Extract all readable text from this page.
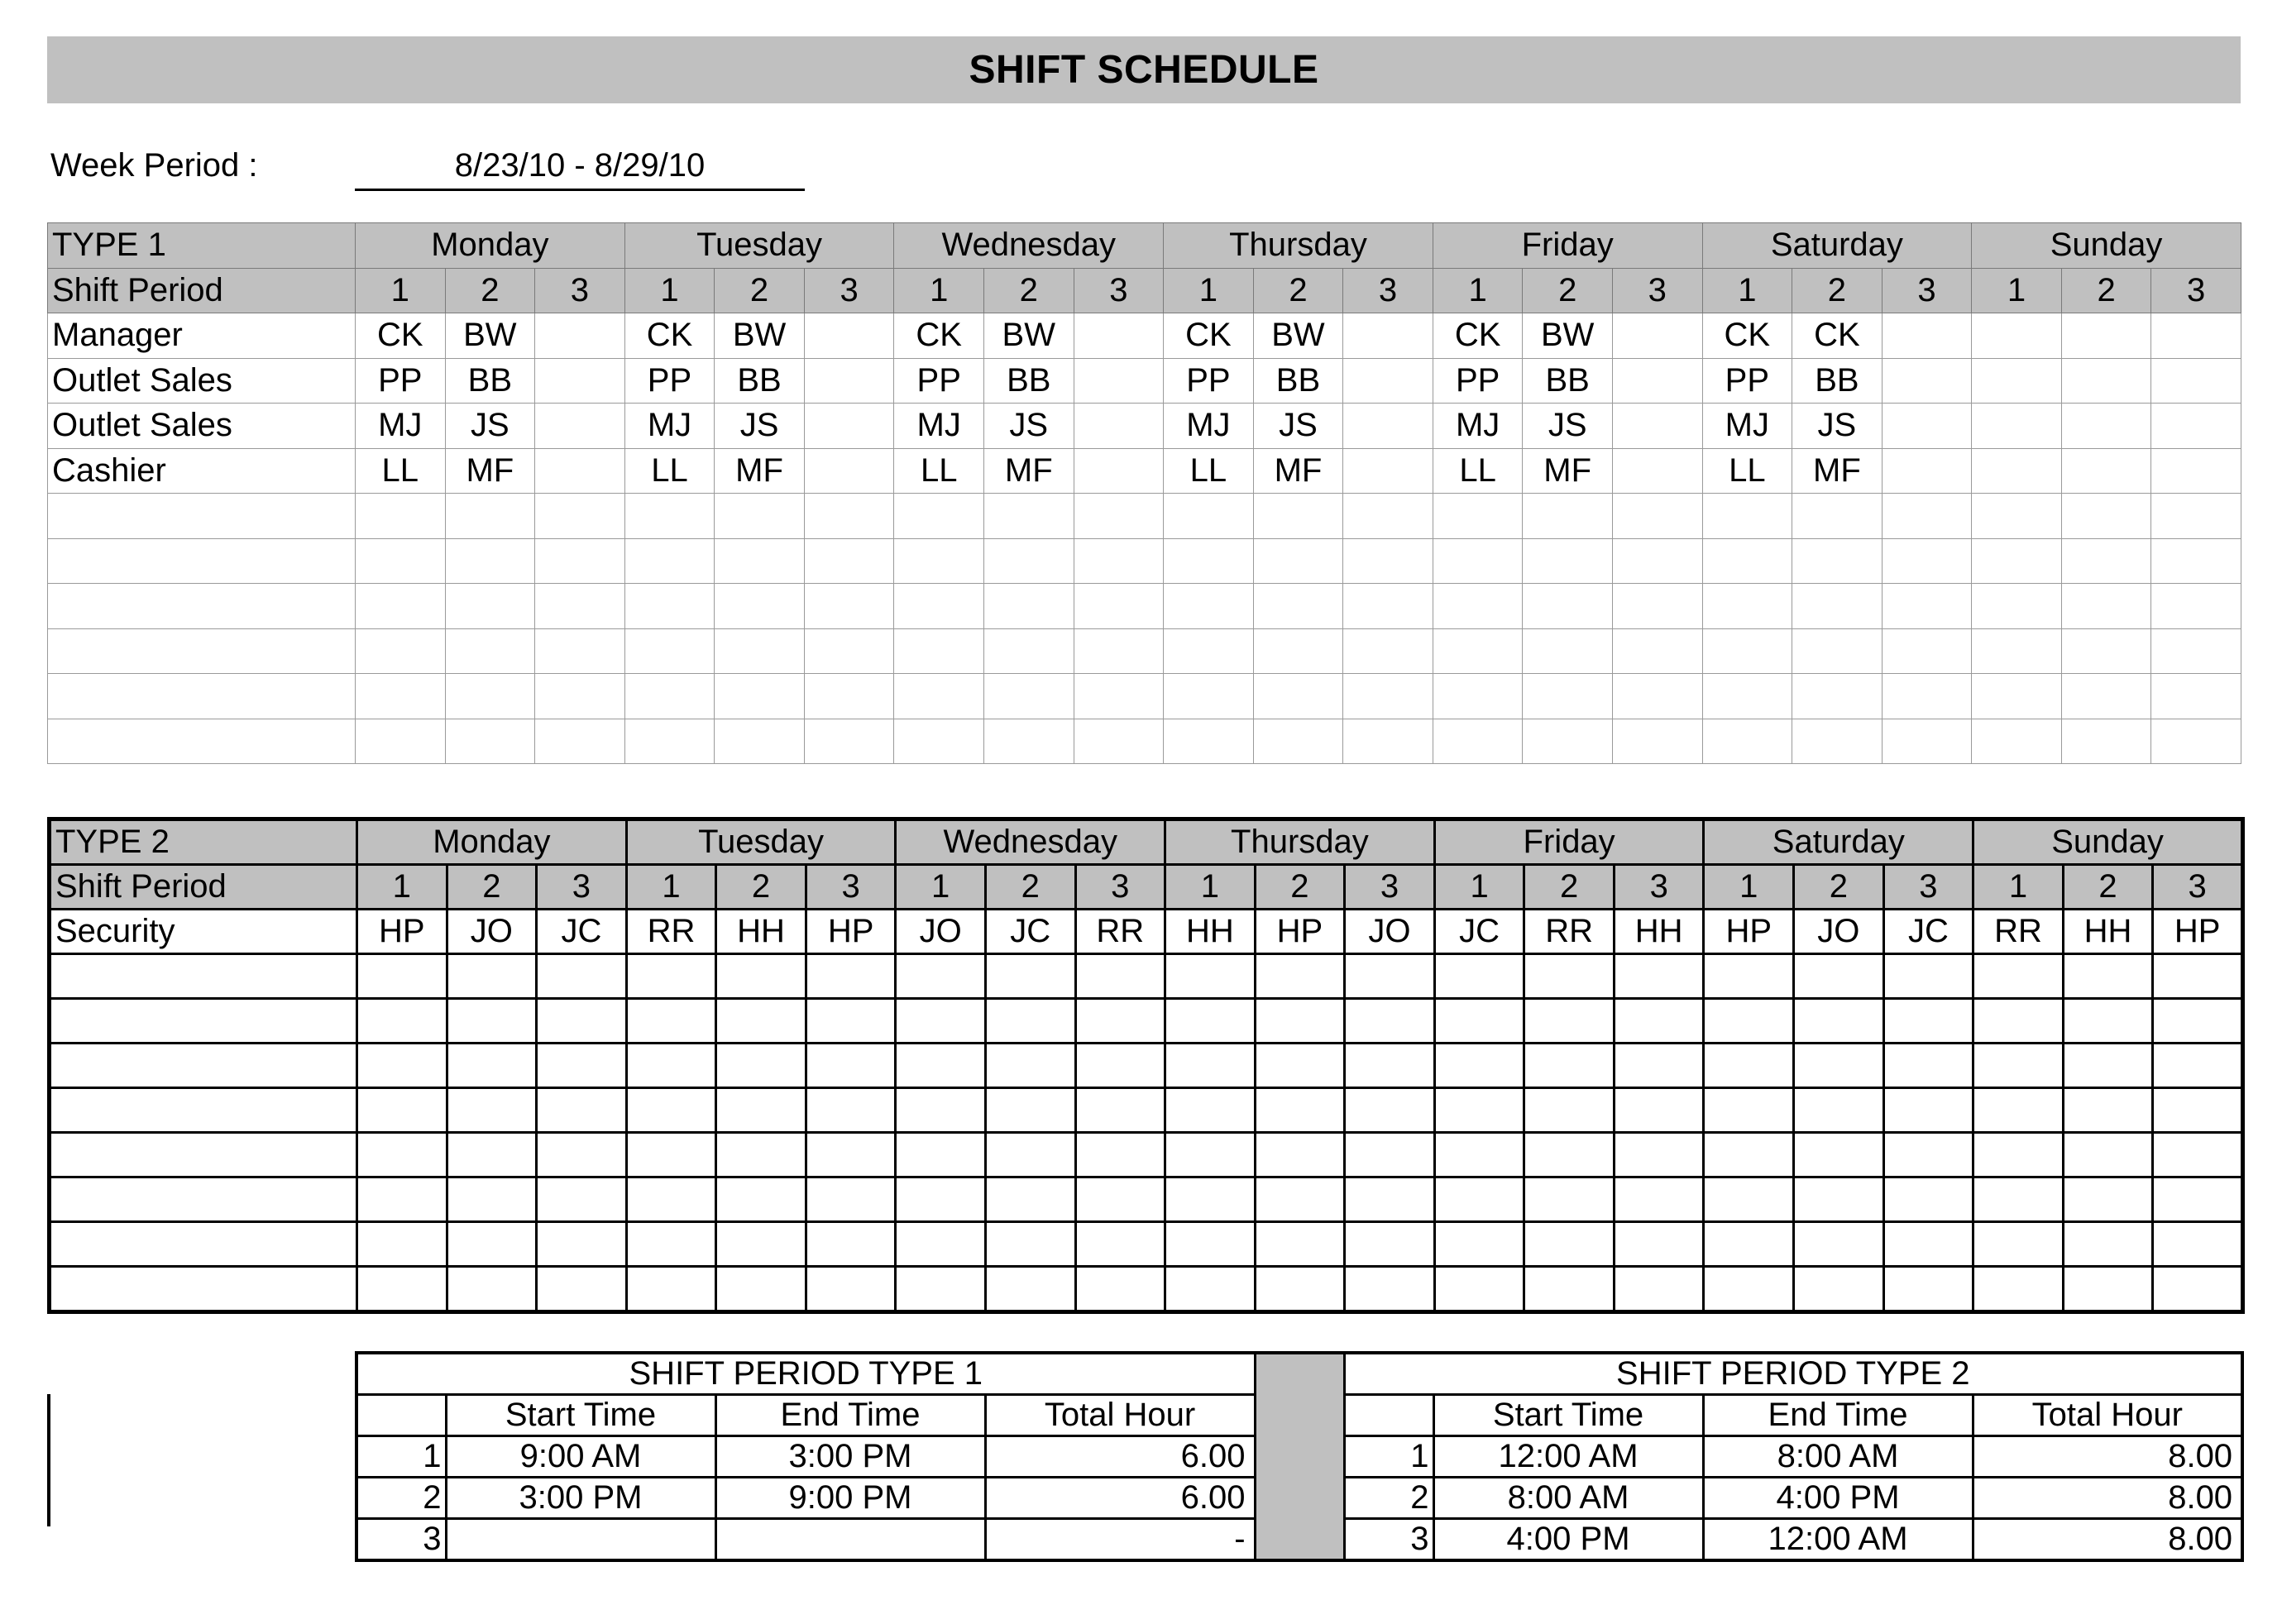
SHIFT SCHEDULE
Week Period :	8/23/10 - 8/29/10
TYPE 1	Monday			Tuesday			Wednesday			Thursday			Friday			Saturday			Sunday		
Shift Period	1	2	3	1	2	3	1	2	3	1	2	3	1	2	3	1	2	3	1	2	3
Manager	CK	BW		CK	BW		CK	BW		CK	BW		CK	BW		CK	CK				
Outlet Sales	PP	BB		PP	BB		PP	BB		PP	BB		PP	BB		PP	BB				
Outlet Sales	MJ	JS		MJ	JS		MJ	JS		MJ	JS		MJ	JS		MJ	JS				
Cashier	LL	MF		LL	MF		LL	MF		LL	MF		LL	MF		LL	MF				

TYPE 2	Monday			Tuesday			Wednesday			Thursday			Friday			Saturday			Sunday		
Shift Period	1	2	3	1	2	3	1	2	3	1	2	3	1	2	3	1	2	3	1	2	3
Security	HP	JO	JC	RR	HH	HP	JO	JC	RR	HH	HP	JO	JC	RR	HH	HP	JO	JC	RR	HH	HP

SHIFT PERIOD TYPE 1					SHIFT PERIOD TYPE 2			
	Start Time	End Time	Total Hour			Start Time	End Time	Total Hour
1	9:00 AM	3:00 PM	6.00		1	12:00 AM	8:00 AM	8.00
2	3:00 PM	9:00 PM	6.00		2	8:00 AM	4:00 PM	8.00
3			-		3	4:00 PM	12:00 AM	8.00
